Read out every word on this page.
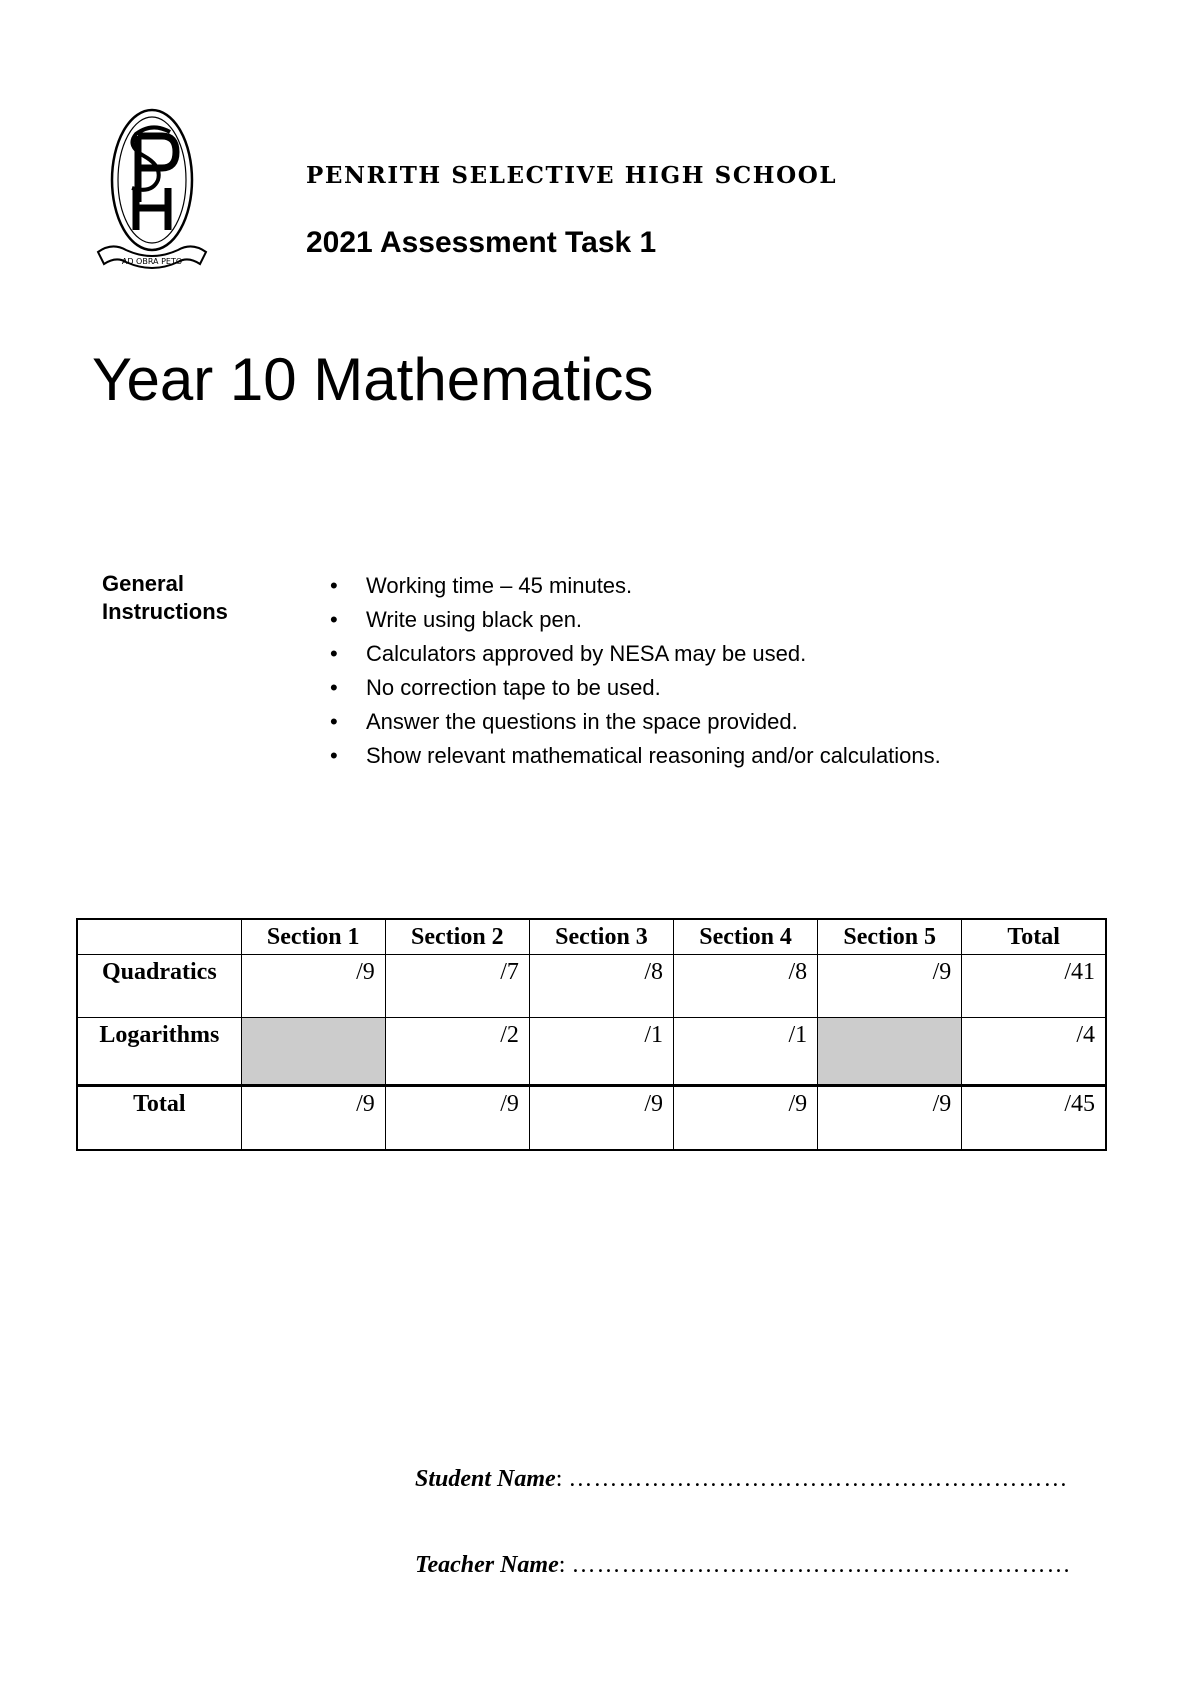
AD OBRA PETO
PENRITH SELECTIVE HIGH SCHOOL
2021 Assessment Task 1
Year 10 Mathematics
General
Instructions
• Working time – 45 minutes.
• Write using black pen.
• Calculators approved by NESA may be used.
• No correction tape to be used.
• Answer the questions in the space provided.
• Show relevant mathematical reasoning and/or calculations.
	Section 1	Section 2	Section 3	Section 4	Section 5	Total
Quadratics	/9	/7	/8	/8	/9	/41
Logarithms		/2	/1	/1		/4
Total	/9	/9	/9	/9	/9	/45
Student Name: ……………………………………………………
Teacher Name: ……………………………………………………
